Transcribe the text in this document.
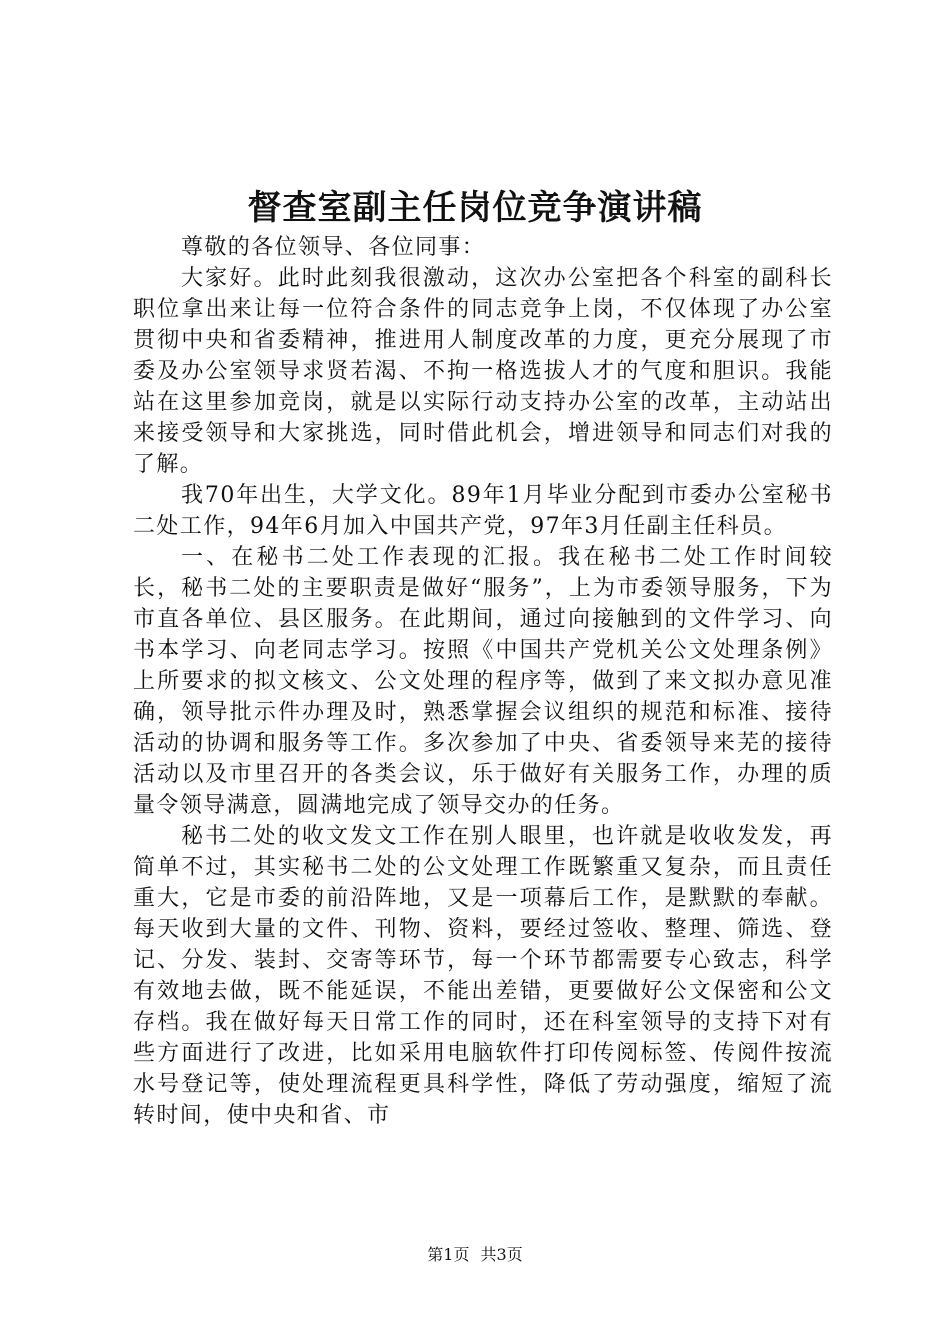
督查室副主任岗位竞争演讲稿

尊敬的各位领导、各位同事：

大家好。此时此刻我很激动，这次办公室把各个科室的副科长职位拿出来让每一位符合条件的同志竞争上岗，不仅体现了办公室贯彻中央和省委精神，推进用人制度改革的力度，更充分展现了市委及办公室领导求贤若渴、不拘一格选拔人才的气度和胆识。我能站在这里参加竞岗，就是以实际行动支持办公室的改革，主动站出来接受领导和大家挑选，同时借此机会，增进领导和同志们对我的了解。

我70年出生，大学文化。89年1月毕业分配到市委办公室秘书二处工作，94年6月加入中国共产党，97年3月任副主任科员。

一、在秘书二处工作表现的汇报。我在秘书二处工作时间较长，秘书二处的主要职责是做好“服务”，上为市委领导服务，下为市直各单位、县区服务。在此期间，通过向接触到的文件学习、向书本学习、向老同志学习。按照《中国共产党机关公文处理条例》上所要求的拟文核文、公文处理的程序等，做到了来文拟办意见准确，领导批示件办理及时，熟悉掌握会议组织的规范和标准、接待活动的协调和服务等工作。多次参加了中央、省委领导来芜的接待活动以及市里召开的各类会议，乐于做好有关服务工作，办理的质量令领导满意，圆满地完成了领导交办的任务。

秘书二处的收文发文工作在别人眼里，也许就是收收发发，再简单不过，其实秘书二处的公文处理工作既繁重又复杂，而且责任重大，它是市委的前沿阵地，又是一项幕后工作，是默默的奉献。每天收到大量的文件、刊物、资料，要经过签收、整理、筛选、登记、分发、装封、交寄等环节，每一个环节都需要专心致志，科学有效地去做，既不能延误，不能出差错，更要做好公文保密和公文存档。我在做好每天日常工作的同时，还在科室领导的支持下对有些方面进行了改进，比如采用电脑软件打印传阅标签、传阅件按流水号登记等，使处理流程更具科学性，降低了劳动强度，缩短了流转时间，使中央和省、市

第1页 共3页
